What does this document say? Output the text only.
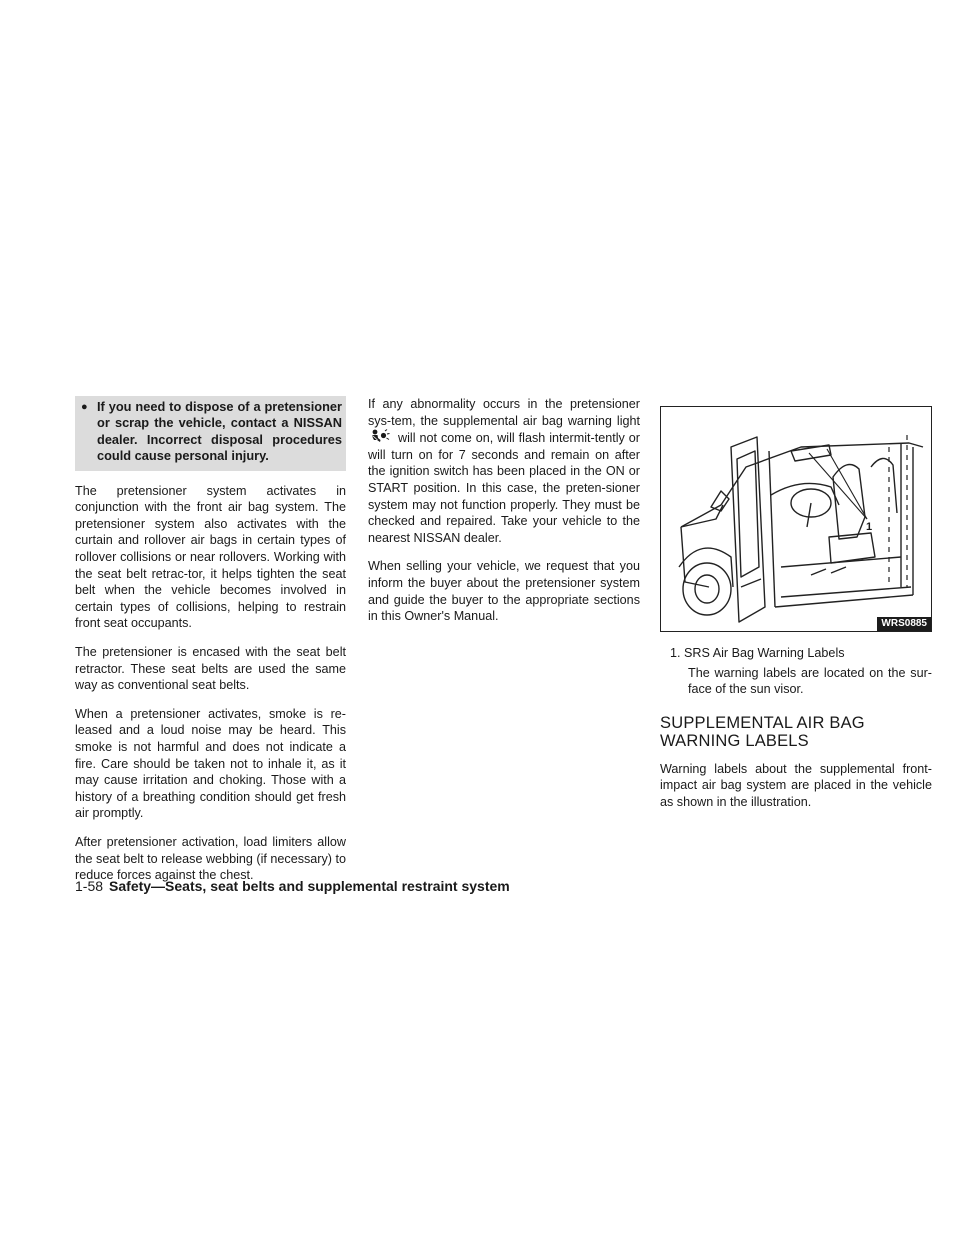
● If you need to dispose of a pretensioner or scrap the vehicle, contact a NISSAN dealer. Incorrect disposal procedures could cause personal injury.

The pretensioner system activates in conjunction with the front air bag system. The pretensioner system also activates with the curtain and rollover air bags in certain types of rollover collisions or near rollovers. Working with the seat belt retrac-tor, it helps tighten the seat belt when the vehicle becomes involved in certain types of collisions, helping to restrain front seat occupants.

The pretensioner is encased with the seat belt retractor. These seat belts are used the same way as conventional seat belts.

When a pretensioner activates, smoke is re-leased and a loud noise may be heard. This smoke is not harmful and does not indicate a fire. Care should be taken not to inhale it, as it may cause irritation and choking. Those with a history of a breathing condition should get fresh air promptly.

After pretensioner activation, load limiters allow the seat belt to release webbing (if necessary) to reduce forces against the chest.

If any abnormality occurs in the pretensioner sys-tem, the supplemental air bag warning light will not come on, will flash intermit-tently or will turn on for 7 seconds and remain on after the ignition switch has been placed in the ON or START position. In this case, the preten-sioner system may not function properly. They must be checked and repaired. Take your vehicle to the nearest NISSAN dealer.

When selling your vehicle, we request that you inform the buyer about the pretensioner system and guide the buyer to the appropriate sections in this Owner's Manual.

1
WRS0885
1. SRS Air Bag Warning Labels
The warning labels are located on the sur-face of the sun visor.
SUPPLEMENTAL AIR BAG
WARNING LABELS

Warning labels about the supplemental front-impact air bag system are placed in the vehicle as shown in the illustration.

1-58 Safety—Seats, seat belts and supplemental restraint system
